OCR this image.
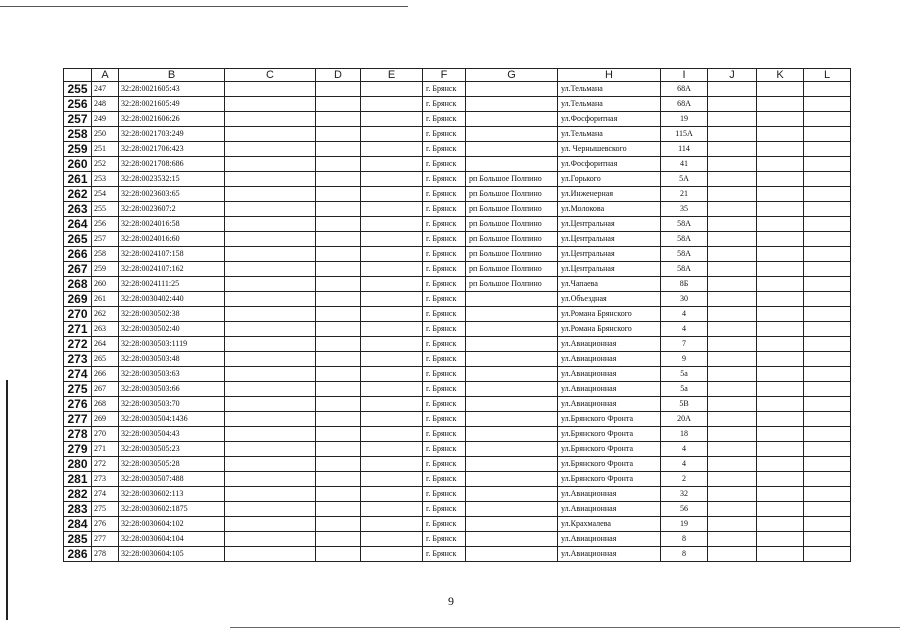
	A	B	C	D	E	F	G	H	I	J	K	L
255	247	32:28:0021605:43				г. Брянск		ул.Тельмана	68А			
256	248	32:28:0021605:49				г. Брянск		ул.Тельмана	68А			
257	249	32:28:0021606:26				г. Брянск		ул.Фосфоритная	19			
258	250	32:28:0021703:249				г. Брянск		ул.Тельмана	115А			
259	251	32:28:0021706:423				г. Брянск		ул. Чернышевского	114			
260	252	32:28:0021708:686				г. Брянск		ул.Фосфоритная	41			
261	253	32:28:0023532:15				г. Брянск	рп Большое Полпино	ул.Горького	5А			
262	254	32:28:0023603:65				г. Брянск	рп Большое Полпино	ул.Инженерная	21			
263	255	32:28:0023607:2				г. Брянск	рп Большое Полпино	ул.Молокова	35			
264	256	32:28:0024016:58				г. Брянск	рп Большое Полпино	ул.Центральная	58А			
265	257	32:28:0024016:60				г. Брянск	рп Большое Полпино	ул.Центральная	58А			
266	258	32:28:0024107:158				г. Брянск	рп Большое Полпино	ул.Центральная	58А			
267	259	32:28:0024107:162				г. Брянск	рп Большое Полпино	ул.Центральная	58А			
268	260	32:28:0024111:25				г. Брянск	рп Большое Полпино	ул.Чапаева	8Б			
269	261	32:28:0030402:440				г. Брянск		ул.Объездная	30			
270	262	32:28:0030502:38				г. Брянск		ул.Романа Брянского	4			
271	263	32:28:0030502:40				г. Брянск		ул.Романа Брянского	4			
272	264	32:28:0030503:1119				г. Брянск		ул.Авиационная	7			
273	265	32:28:0030503:48				г. Брянск		ул.Авиационная	9			
274	266	32:28:0030503:63				г. Брянск		ул.Авиационная	5а			
275	267	32:28:0030503:66				г. Брянск		ул.Авиационная	5а			
276	268	32:28:0030503:70				г. Брянск		ул.Авиационная	5В			
277	269	32:28:0030504:1436				г. Брянск		ул.Брянского Фронта	20А			
278	270	32:28:0030504:43				г. Брянск		ул.Брянского Фронта	18			
279	271	32:28:0030505:23				г. Брянск		ул.Брянского Фронта	4			
280	272	32:28:0030505:28				г. Брянск		ул.Брянского Фронта	4			
281	273	32:28:0030507:488				г. Брянск		ул.Брянского Фронта	2			
282	274	32:28:0030602:113				г. Брянск		ул.Авиационная	32			
283	275	32:28:0030602:1875				г. Брянск		ул.Авиационная	56			
284	276	32:28:0030604:102				г. Брянск		ул.Крахмалева	19			
285	277	32:28:0030604:104				г. Брянск		ул.Авиационная	8			
286	278	32:28:0030604:105				г. Брянск		ул.Авиационная	8			
9
